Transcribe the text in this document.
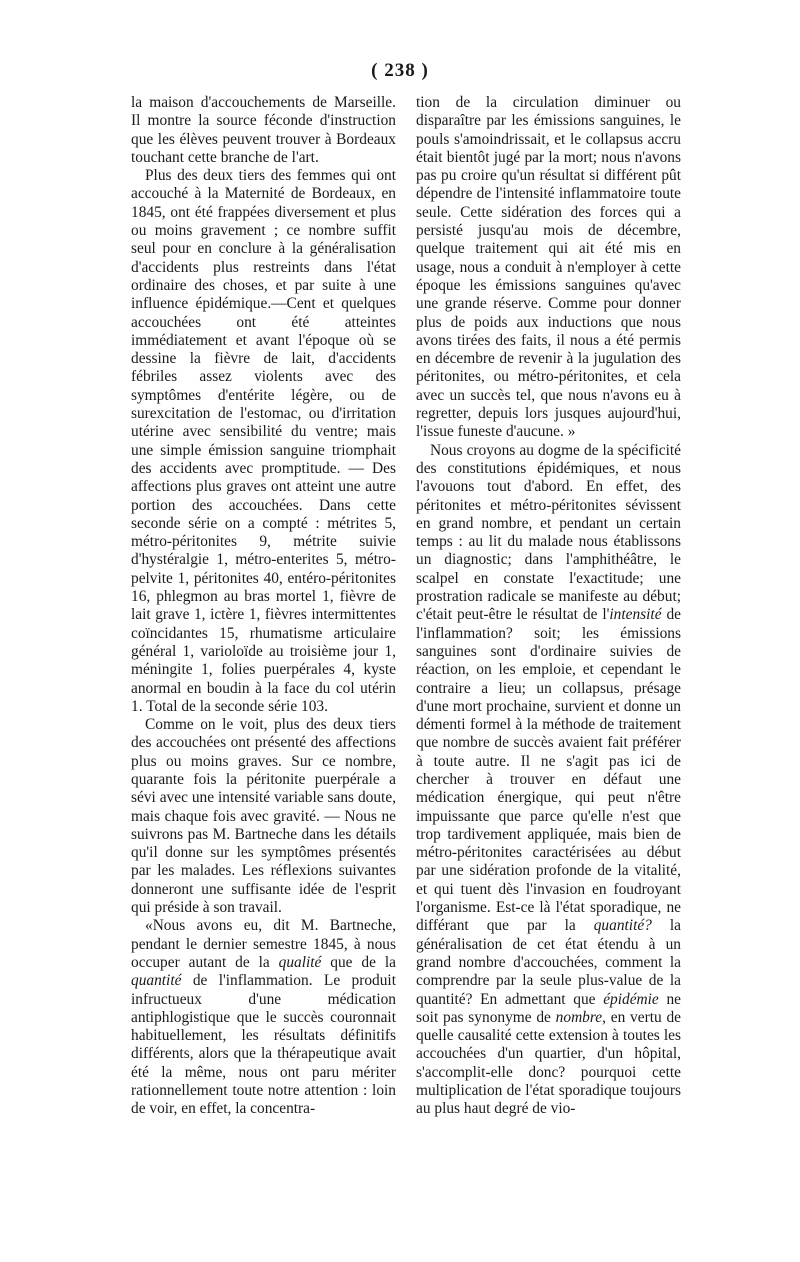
( 238 )

la maison d'accouchements de Marseille. Il montre la source féconde d'instruction que les élèves peuvent trouver à Bordeaux touchant cette branche de l'art.

Plus des deux tiers des femmes qui ont accouché à la Maternité de Bordeaux, en 1845, ont été frappées diversement et plus ou moins gravement ; ce nombre suffit seul pour en conclure à la généralisation d'accidents plus restreints dans l'état ordinaire des choses, et par suite à une influence épidémique.—Cent et quelques accouchées ont été atteintes immédiatement et avant l'époque où se dessine la fièvre de lait, d'accidents fébriles assez violents avec des symptômes d'entérite légère, ou de surexcitation de l'estomac, ou d'irritation utérine avec sensibilité du ventre; mais une simple émission sanguine triomphait des accidents avec promptitude. — Des affections plus graves ont atteint une autre portion des accouchées. Dans cette seconde série on a compté : métrites 5, métro-péritonites 9, métrite suivie d'hystéralgie 1, métro-enterites 5, métro-pelvite 1, péritonites 40, entéro-péritonites 16, phlegmon au bras mortel 1, fièvre de lait grave 1, ictère 1, fièvres intermittentes coïncidantes 15, rhumatisme articulaire général 1, varioloïde au troisième jour 1, méningite 1, folies puerpérales 4, kyste anormal en boudin à la face du col utérin 1. Total de la seconde série 103.

Comme on le voit, plus des deux tiers des accouchées ont présenté des affections plus ou moins graves. Sur ce nombre, quarante fois la péritonite puerpérale a sévi avec une intensité variable sans doute, mais chaque fois avec gravité. — Nous ne suivrons pas M. Bartneche dans les détails qu'il donne sur les symptômes présentés par les malades. Les réflexions suivantes donneront une suffisante idée de l'esprit qui préside à son travail.

«Nous avons eu, dit M. Bartneche, pendant le dernier semestre 1845, à nous occuper autant de la qualité que de la quantité de l'inflammation. Le produit infructueux d'une médication antiphlogistique que le succès couronnait habituellement, les résultats définitifs différents, alors que la thérapeutique avait été la même, nous ont paru mériter rationnellement toute notre attention : loin de voir, en effet, la concentra-

tion de la circulation diminuer ou disparaître par les émissions sanguines, le pouls s'amoindrissait, et le collapsus accru était bientôt jugé par la mort; nous n'avons pas pu croire qu'un résultat si différent pût dépendre de l'intensité inflammatoire toute seule. Cette sidération des forces qui a persisté jusqu'au mois de décembre, quelque traitement qui ait été mis en usage, nous a conduit à n'employer à cette époque les émissions sanguines qu'avec une grande réserve. Comme pour donner plus de poids aux inductions que nous avons tirées des faits, il nous a été permis en décembre de revenir à la jugulation des péritonites, ou métro-péritonites, et cela avec un succès tel, que nous n'avons eu à regretter, depuis lors jusques aujourd'hui, l'issue funeste d'aucune. »

Nous croyons au dogme de la spécificité des constitutions épidémiques, et nous l'avouons tout d'abord. En effet, des péritonites et métro-péritonites sévissent en grand nombre, et pendant un certain temps : au lit du malade nous établissons un diagnostic; dans l'amphithéâtre, le scalpel en constate l'exactitude; une prostration radicale se manifeste au début; c'était peut-être le résultat de l'intensité de l'inflammation? soit; les émissions sanguines sont d'ordinaire suivies de réaction, on les emploie, et cependant le contraire a lieu; un collapsus, présage d'une mort prochaine, survient et donne un démenti formel à la méthode de traitement que nombre de succès avaient fait préférer à toute autre. Il ne s'agit pas ici de chercher à trouver en défaut une médication énergique, qui peut n'être impuissante que parce qu'elle n'est que trop tardivement appliquée, mais bien de métro-péritonites caractérisées au début par une sidération profonde de la vitalité, et qui tuent dès l'invasion en foudroyant l'organisme. Est-ce là l'état sporadique, ne différant que par la quantité? la généralisation de cet état étendu à un grand nombre d'accouchées, comment la comprendre par la seule plus-value de la quantité? En admettant que épidémie ne soit pas synonyme de nombre, en vertu de quelle causalité cette extension à toutes les accouchées d'un quartier, d'un hôpital, s'accomplit-elle donc? pourquoi cette multiplication de l'état sporadique toujours au plus haut degré de vio-
